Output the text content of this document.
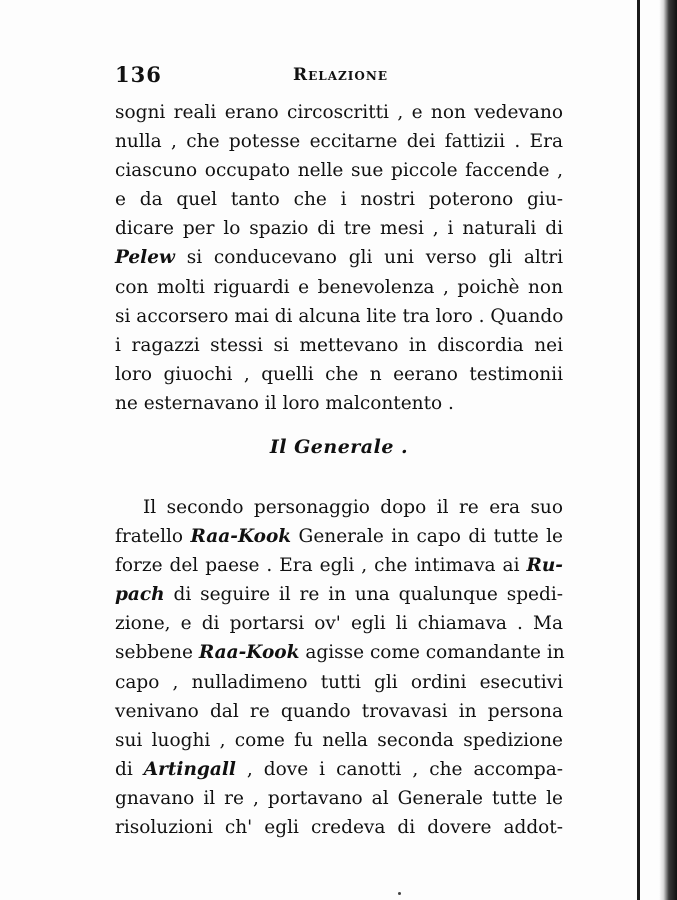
136	Relazione
sogni reali erano circoscritti , e non vedevano
nulla , che potesse eccitarne dei fattizii . Era
ciascuno occupato nelle sue piccole faccende ,
e da quel tanto che i nostri poterono giu-
dicare per lo spazio di tre mesi , i naturali di
Pelew si conducevano gli uni verso gli altri
con molti riguardi e benevolenza , poichè non
si accorsero mai di alcuna lite tra loro . Quando
i ragazzi stessi si mettevano in discordia nei
loro giuochi , quelli che n eerano testimonii
ne esternavano il loro malcontento .
Il Generale .
Il secondo personaggio dopo il re era suo
fratello Raa-Kook Generale in capo di tutte le
forze del paese . Era egli , che intimava ai Ru-
pach di seguire il re in una qualunque spedi-
zione, e di portarsi ov' egli li chiamava . Ma
sebbene Raa-Kook agisse come comandante in
capo , nulladimeno tutti gli ordini esecutivi
venivano dal re quando trovavasi in persona
sui luoghi , come fu nella seconda spedizione
di Artingall , dove i canotti , che accompa-
gnavano il re , portavano al Generale tutte le
risoluzioni ch' egli credeva di dovere addot-
